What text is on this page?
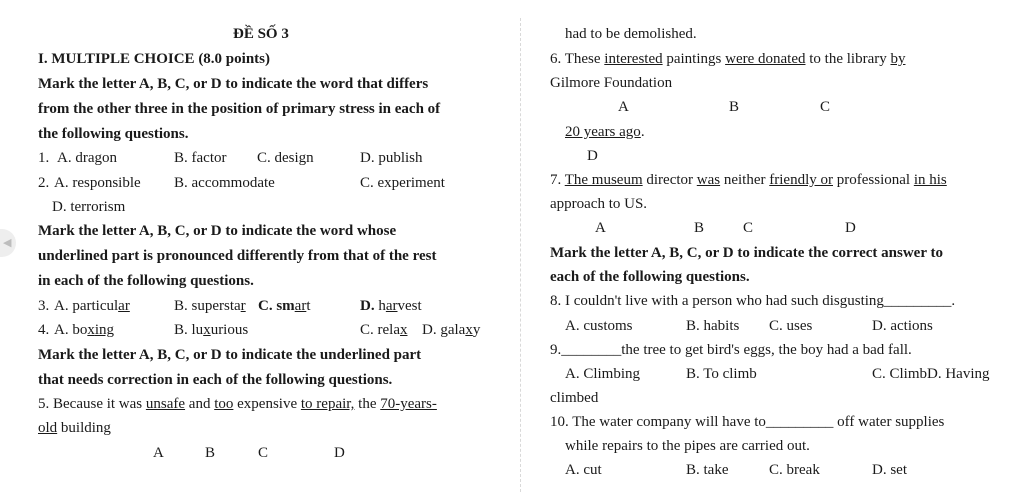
◀
ĐỀ SỐ 3
I. MULTIPLE CHOICE (8.0 points)
Mark the letter A, B, C, or D to indicate the word that differs
from the other three in the position of primary stress in each of
the following questions.
1. A. dragon	B. factor C. design	D. publish
2. A. responsible B. accommodate	C. experiment
D. terrorism
Mark the letter A, B, C, or D to indicate the word whose
underlined part is pronounced differently from that of the rest
in each of the following questions.
3. A. particular	B. superstar C. smart	D. harvest
4. A. boxing	B. luxurious	C. relax D. galaxy
Mark the letter A, B, C, or D to indicate the underlined part
that needs correction in each of the following questions.
5. Because it was unsafe and too expensive to repair, the 70-years-
old building
A	B	C	D
had to be demolished.
6. These interested paintings were donated to the library by
Gilmore Foundation
A	B	C
20 years ago.
D
7. The museum director was neither friendly or professional in his
approach to US.
A	B	C	D
Mark the letter A, B, C, or D to indicate the correct answer to
each of the following questions.
8. I couldn't live with a person who had such disgusting_________.
A. customs	B. habits C. uses	D. actions
9.________the tree to get bird's eggs, the boy had a bad fall.
A. Climbing	B. To climb	C. ClimbD. Having
climbed
10. The water company will have to_________ off water supplies
while repairs to the pipes are carried out.
A. cut	B. take	C. break	D. set
